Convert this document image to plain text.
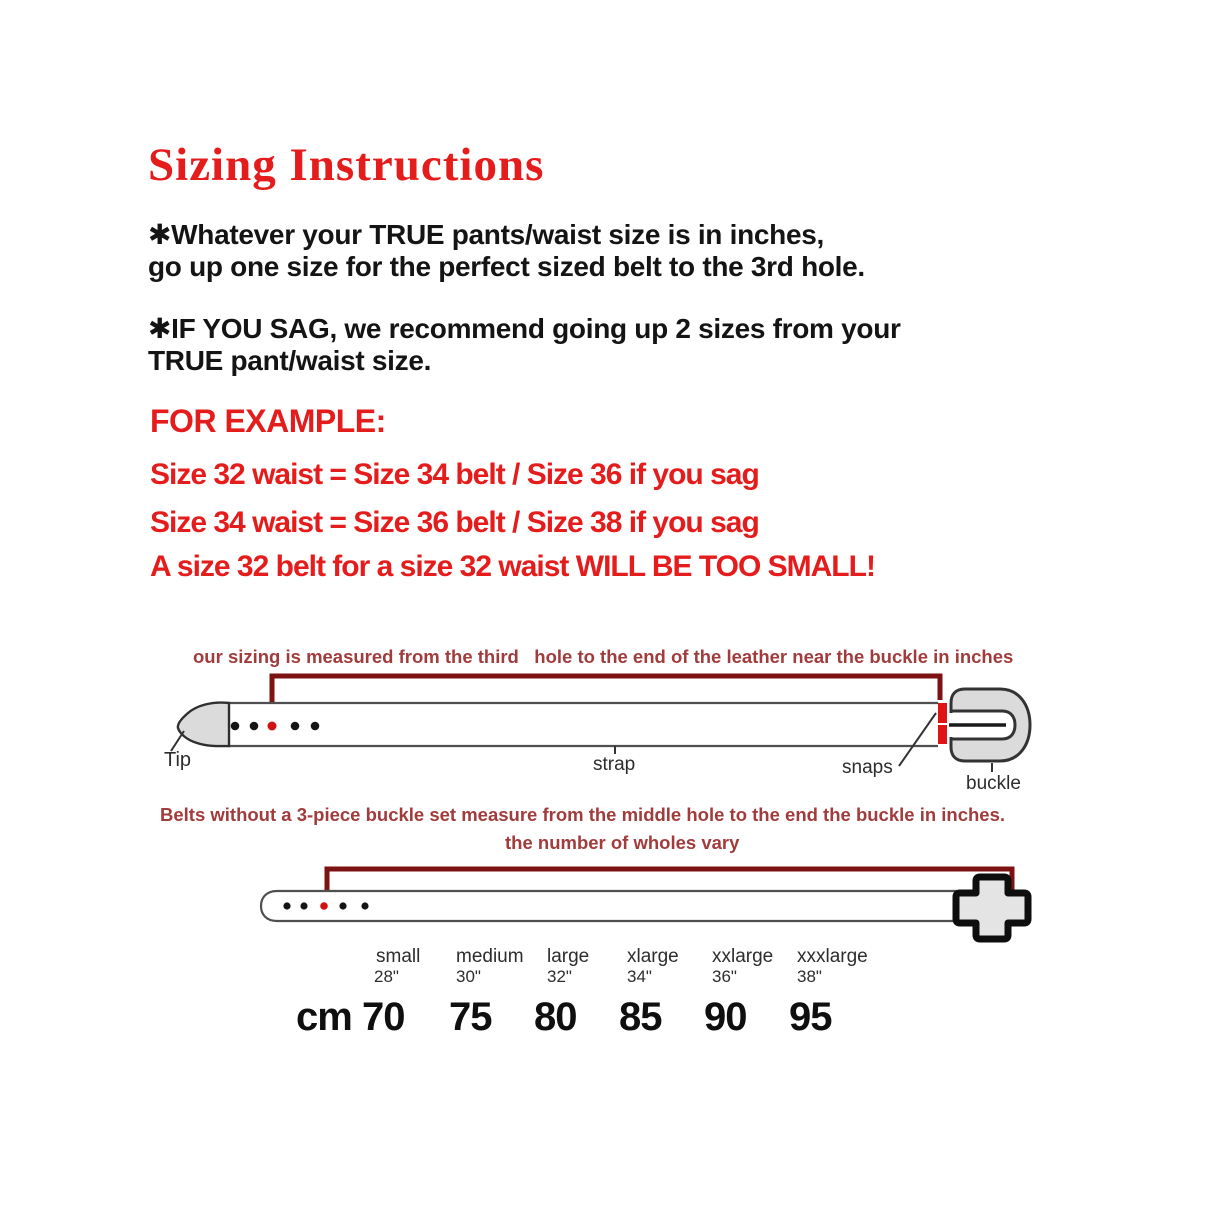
Sizing Instructions
✱Whatever your TRUE pants/waist size is in inches,
go up one size for the perfect sized belt to the 3rd hole.
✱IF YOU SAG, we recommend going up 2 sizes from your
TRUE pant/waist size.
FOR EXAMPLE:
Size 32 waist = Size 34 belt / Size 36 if you sag
Size 34 waist = Size 36 belt / Size 38 if you sag
A size 32 belt for a size 32 waist WILL BE TOO SMALL!
our sizing is measured from the third   hole to the end of the leather near the buckle in inches
Tip	strap	snaps
buckle
Belts without a 3-piece buckle set measure from the middle hole to the end the buckle in inches.
the number of wholes vary
small medium large xlarge xxlarge xxxlarge
28"	30"	32"	34"	36"	38"
cm 70 75 80 85 90 95
